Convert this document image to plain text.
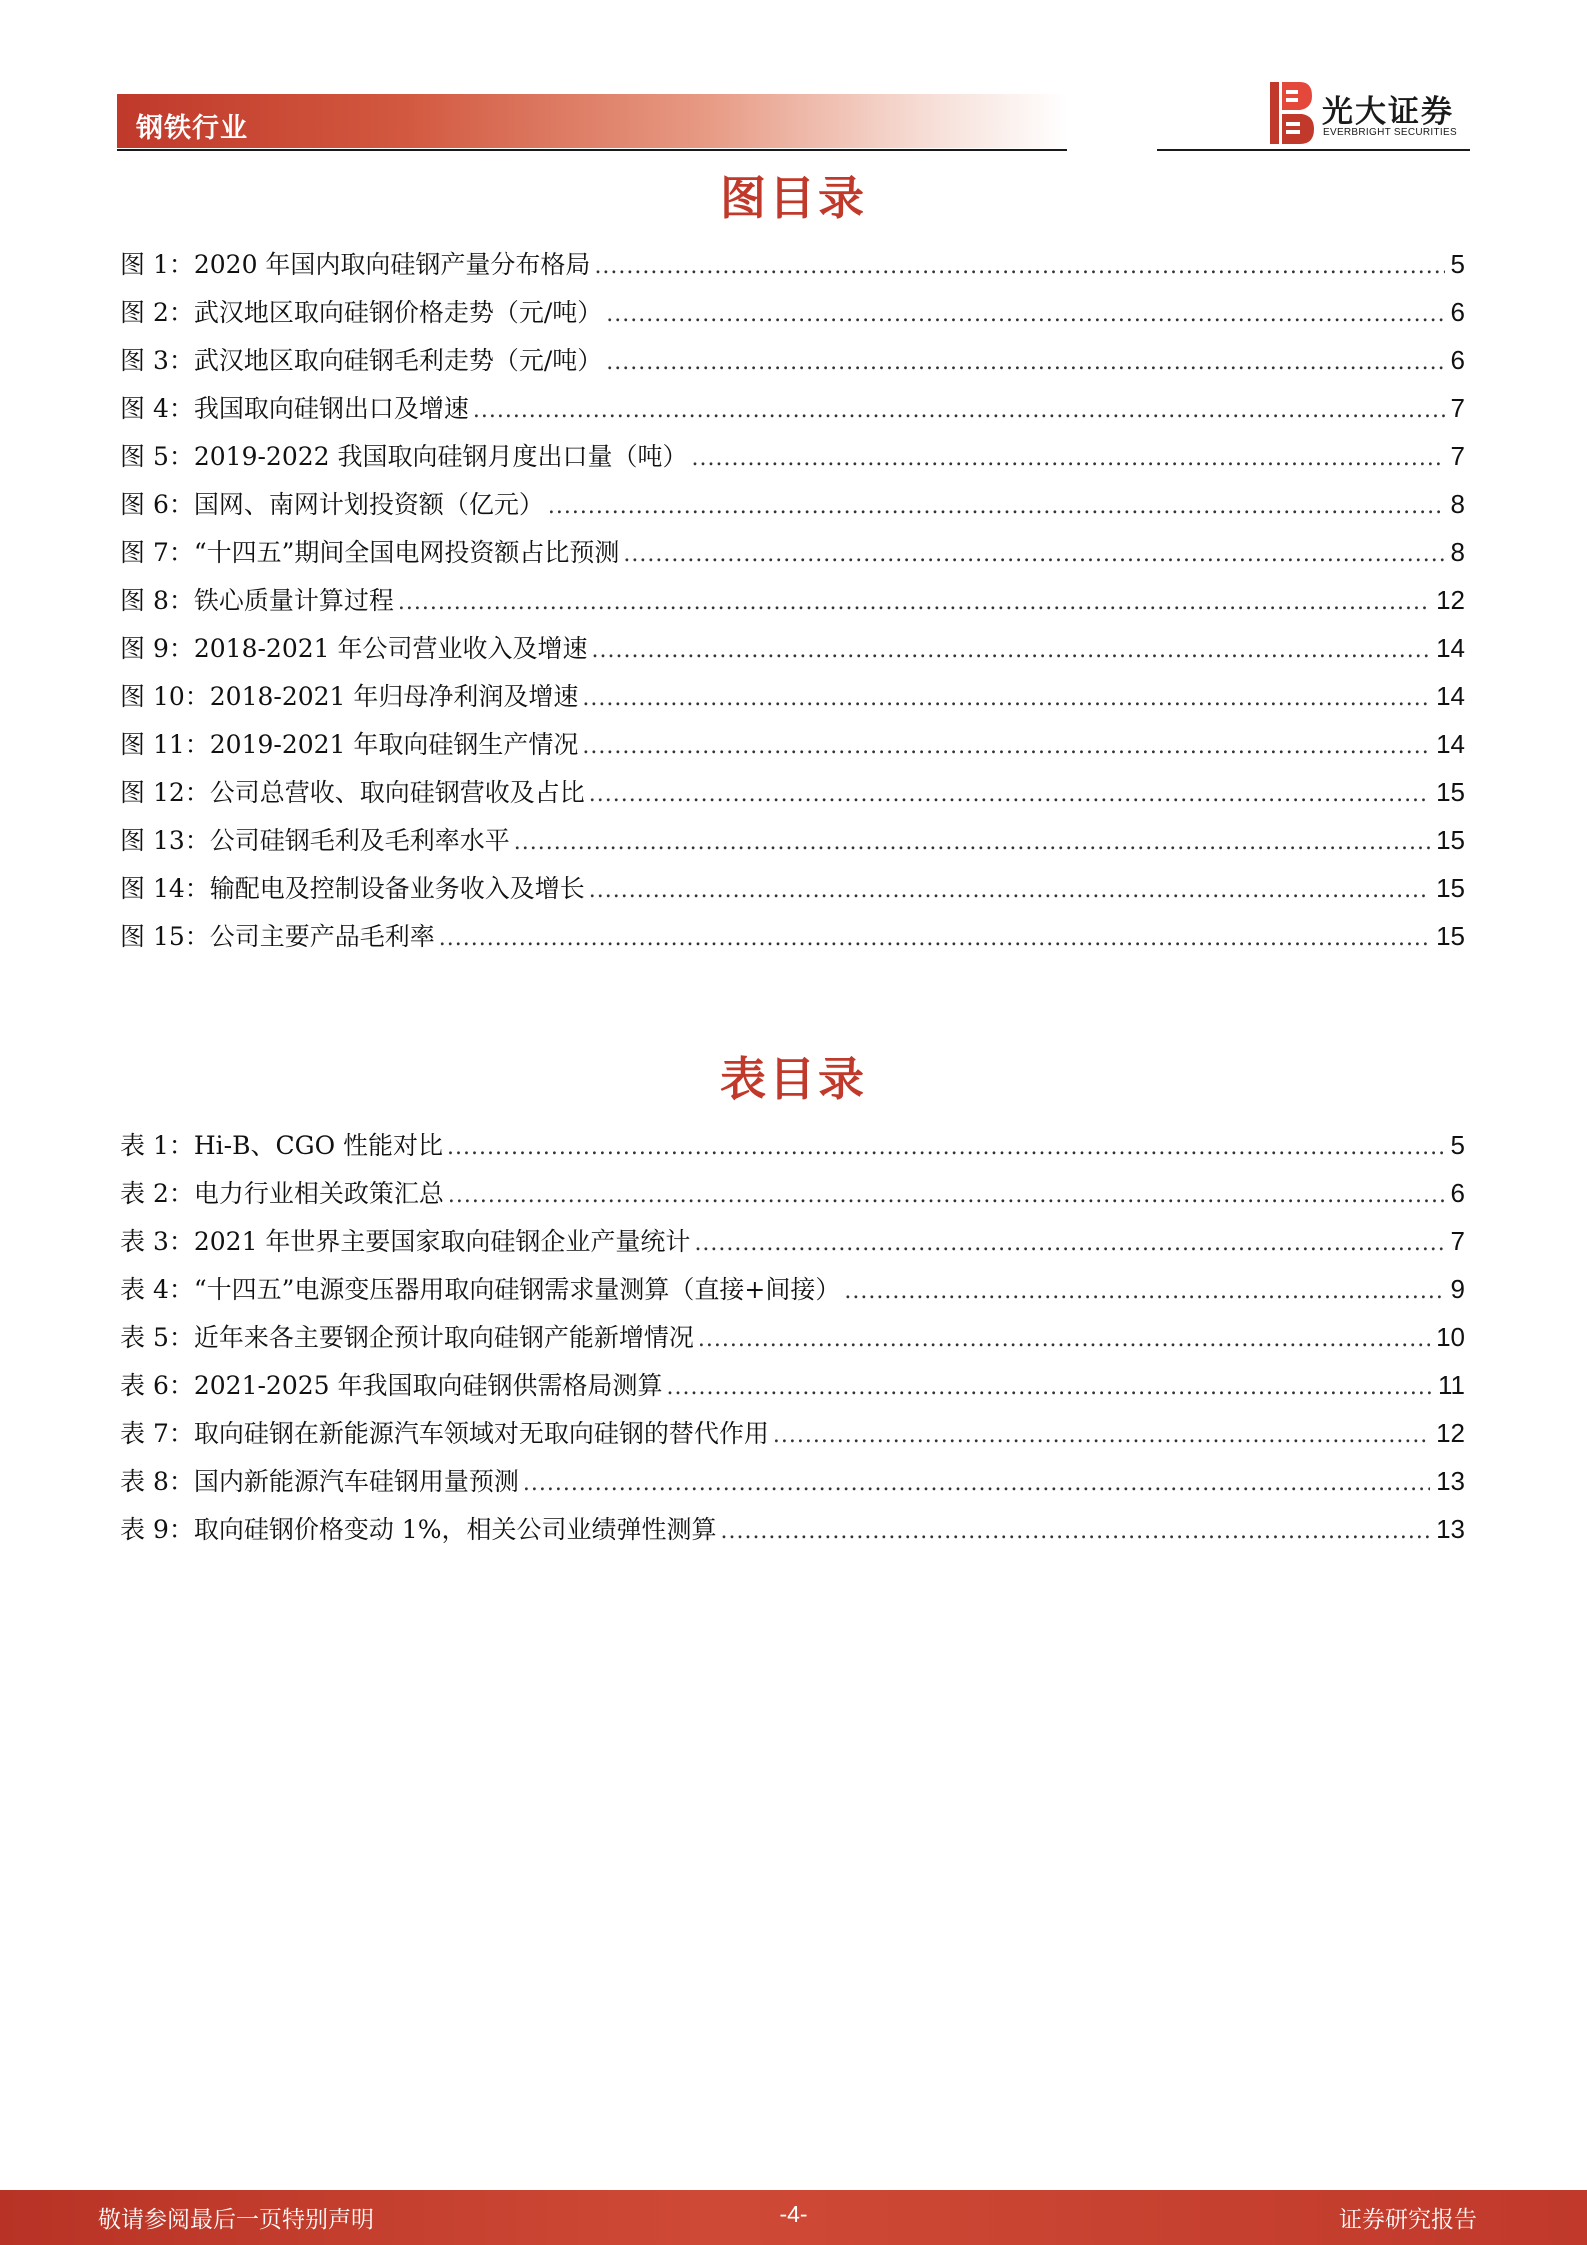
钢铁行业	光大证券
EVERBRIGHT SECURITIES
图目录
图 1：2020 年国内取向硅钢产量分布格局 .....	5
图 2：武汉地区取向硅钢价格走势（元/吨） .....	6
图 3：武汉地区取向硅钢毛利走势（元/吨） .....	6
图 4：我国取向硅钢出口及增速 .....	7
图 5：2019-2022 我国取向硅钢月度出口量（吨） .....	7
图 6：国网、南网计划投资额（亿元） .....	8
图 7：“十四五”期间全国电网投资额占比预测 .....	8
图 8：铁心质量计算过程 .....	12
图 9：2018-2021 年公司营业收入及增速 .....	14
图 10：2018-2021 年归母净利润及增速 .....	14
图 11：2019-2021 年取向硅钢生产情况 .....	14
图 12：公司总营收、取向硅钢营收及占比 .....	15
图 13：公司硅钢毛利及毛利率水平 .....	15
图 14：输配电及控制设备业务收入及增长 .....	15
图 15：公司主要产品毛利率 .....	15
表目录
表 1：Hi-B、CGO 性能对比 .....	5
表 2：电力行业相关政策汇总 .....	6
表 3：2021 年世界主要国家取向硅钢企业产量统计 .....	7
表 4：“十四五”电源变压器用取向硅钢需求量测算（直接+间接） .....	9
表 5：近年来各主要钢企预计取向硅钢产能新增情况 .....	10
表 6：2021-2025 年我国取向硅钢供需格局测算 .....	11
表 7：取向硅钢在新能源汽车领域对无取向硅钢的替代作用 .....	12
表 8：国内新能源汽车硅钢用量预测 .....	13
表 9：取向硅钢价格变动 1%，相关公司业绩弹性测算 .....	13
敬请参阅最后一页特别声明	-4-	证券研究报告
